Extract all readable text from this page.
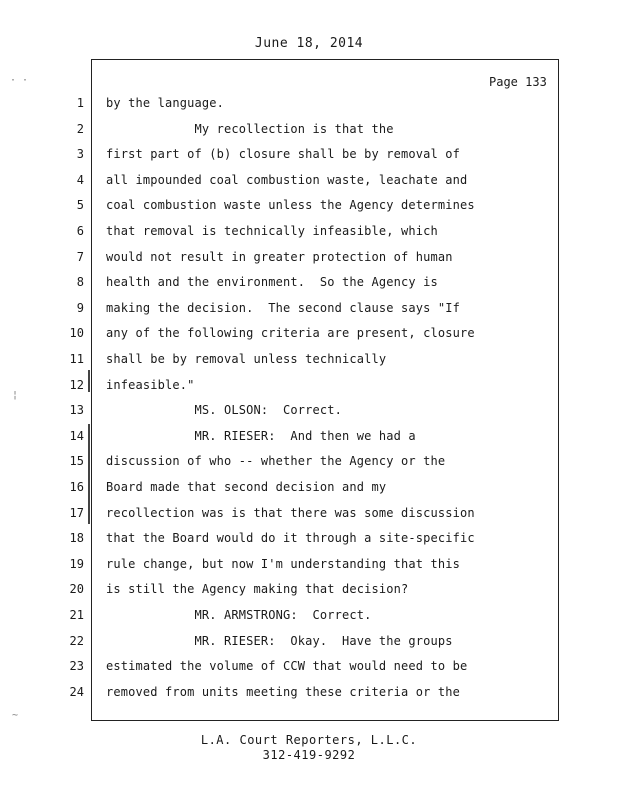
June 18, 2014
Page 133
1 by the language.
2 My recollection is that the
3 first part of (b) closure shall be by removal of
4 all impounded coal combustion waste, leachate and
5 coal combustion waste unless the Agency determines
6 that removal is technically infeasible, which
7 would not result in greater protection of human
8 health and the environment.  So the Agency is
9 making the decision.  The second clause says "If
10 any of the following criteria are present, closure
11 shall be by removal unless technically
12 infeasible."
13 MS. OLSON:  Correct.
14 MR. RIESER:  And then we had a
15 discussion of who -- whether the Agency or the
16 Board made that second decision and my
17 recollection was is that there was some discussion
18 that the Board would do it through a site-specific
19 rule change, but now I'm understanding that this
20 is still the Agency making that decision?
21 MR. ARMSTRONG:  Correct.
22 MR. RIESER:  Okay.  Have the groups
23 estimated the volume of CCW that would need to be
24 removed from units meeting these criteria or the
· ·
¦
~
L.A. Court Reporters, L.L.C.
312-419-9292
